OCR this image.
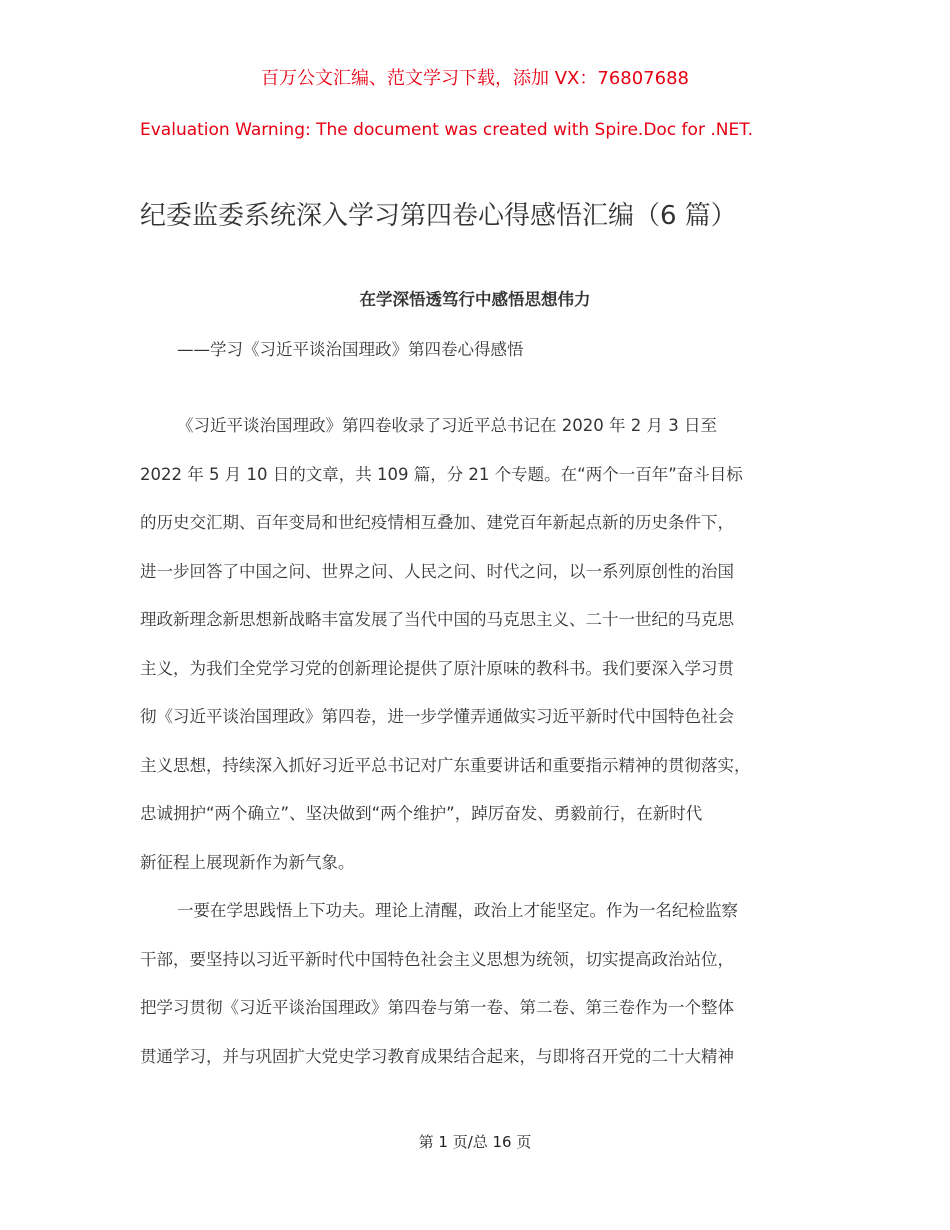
百万公文汇编、范文学习下载，添加 VX：76807688
Evaluation Warning: The document was created with Spire.Doc for .NET.
纪委监委系统深入学习第四卷心得感悟汇编（6 篇）
在学深悟透笃行中感悟思想伟力
——学习《习近平谈治国理政》第四卷心得感悟
《习近平谈治国理政》第四卷收录了习近平总书记在 2020 年 2 月 3 日至
2022 年 5 月 10 日的文章，共 109 篇，分 21 个专题。在“两个一百年”奋斗目标
的历史交汇期、百年变局和世纪疫情相互叠加、建党百年新起点新的历史条件下，
进一步回答了中国之问、世界之问、人民之问、时代之问，以一系列原创性的治国
理政新理念新思想新战略丰富发展了当代中国的马克思主义、二十一世纪的马克思
主义，为我们全党学习党的创新理论提供了原汁原味的教科书。我们要深入学习贯
彻《习近平谈治国理政》第四卷，进一步学懂弄通做实习近平新时代中国特色社会
主义思想，持续深入抓好习近平总书记对广东重要讲话和重要指示精神的贯彻落实，
忠诚拥护“两个确立”、坚决做到“两个维护”，踔厉奋发、勇毅前行，在新时代
新征程上展现新作为新气象。
一要在学思践悟上下功夫。理论上清醒，政治上才能坚定。作为一名纪检监察
干部，要坚持以习近平新时代中国特色社会主义思想为统领，切实提高政治站位，
把学习贯彻《习近平谈治国理政》第四卷与第一卷、第二卷、第三卷作为一个整体
贯通学习，并与巩固扩大党史学习教育成果结合起来，与即将召开党的二十大精神
第 1 页/总 16 页
